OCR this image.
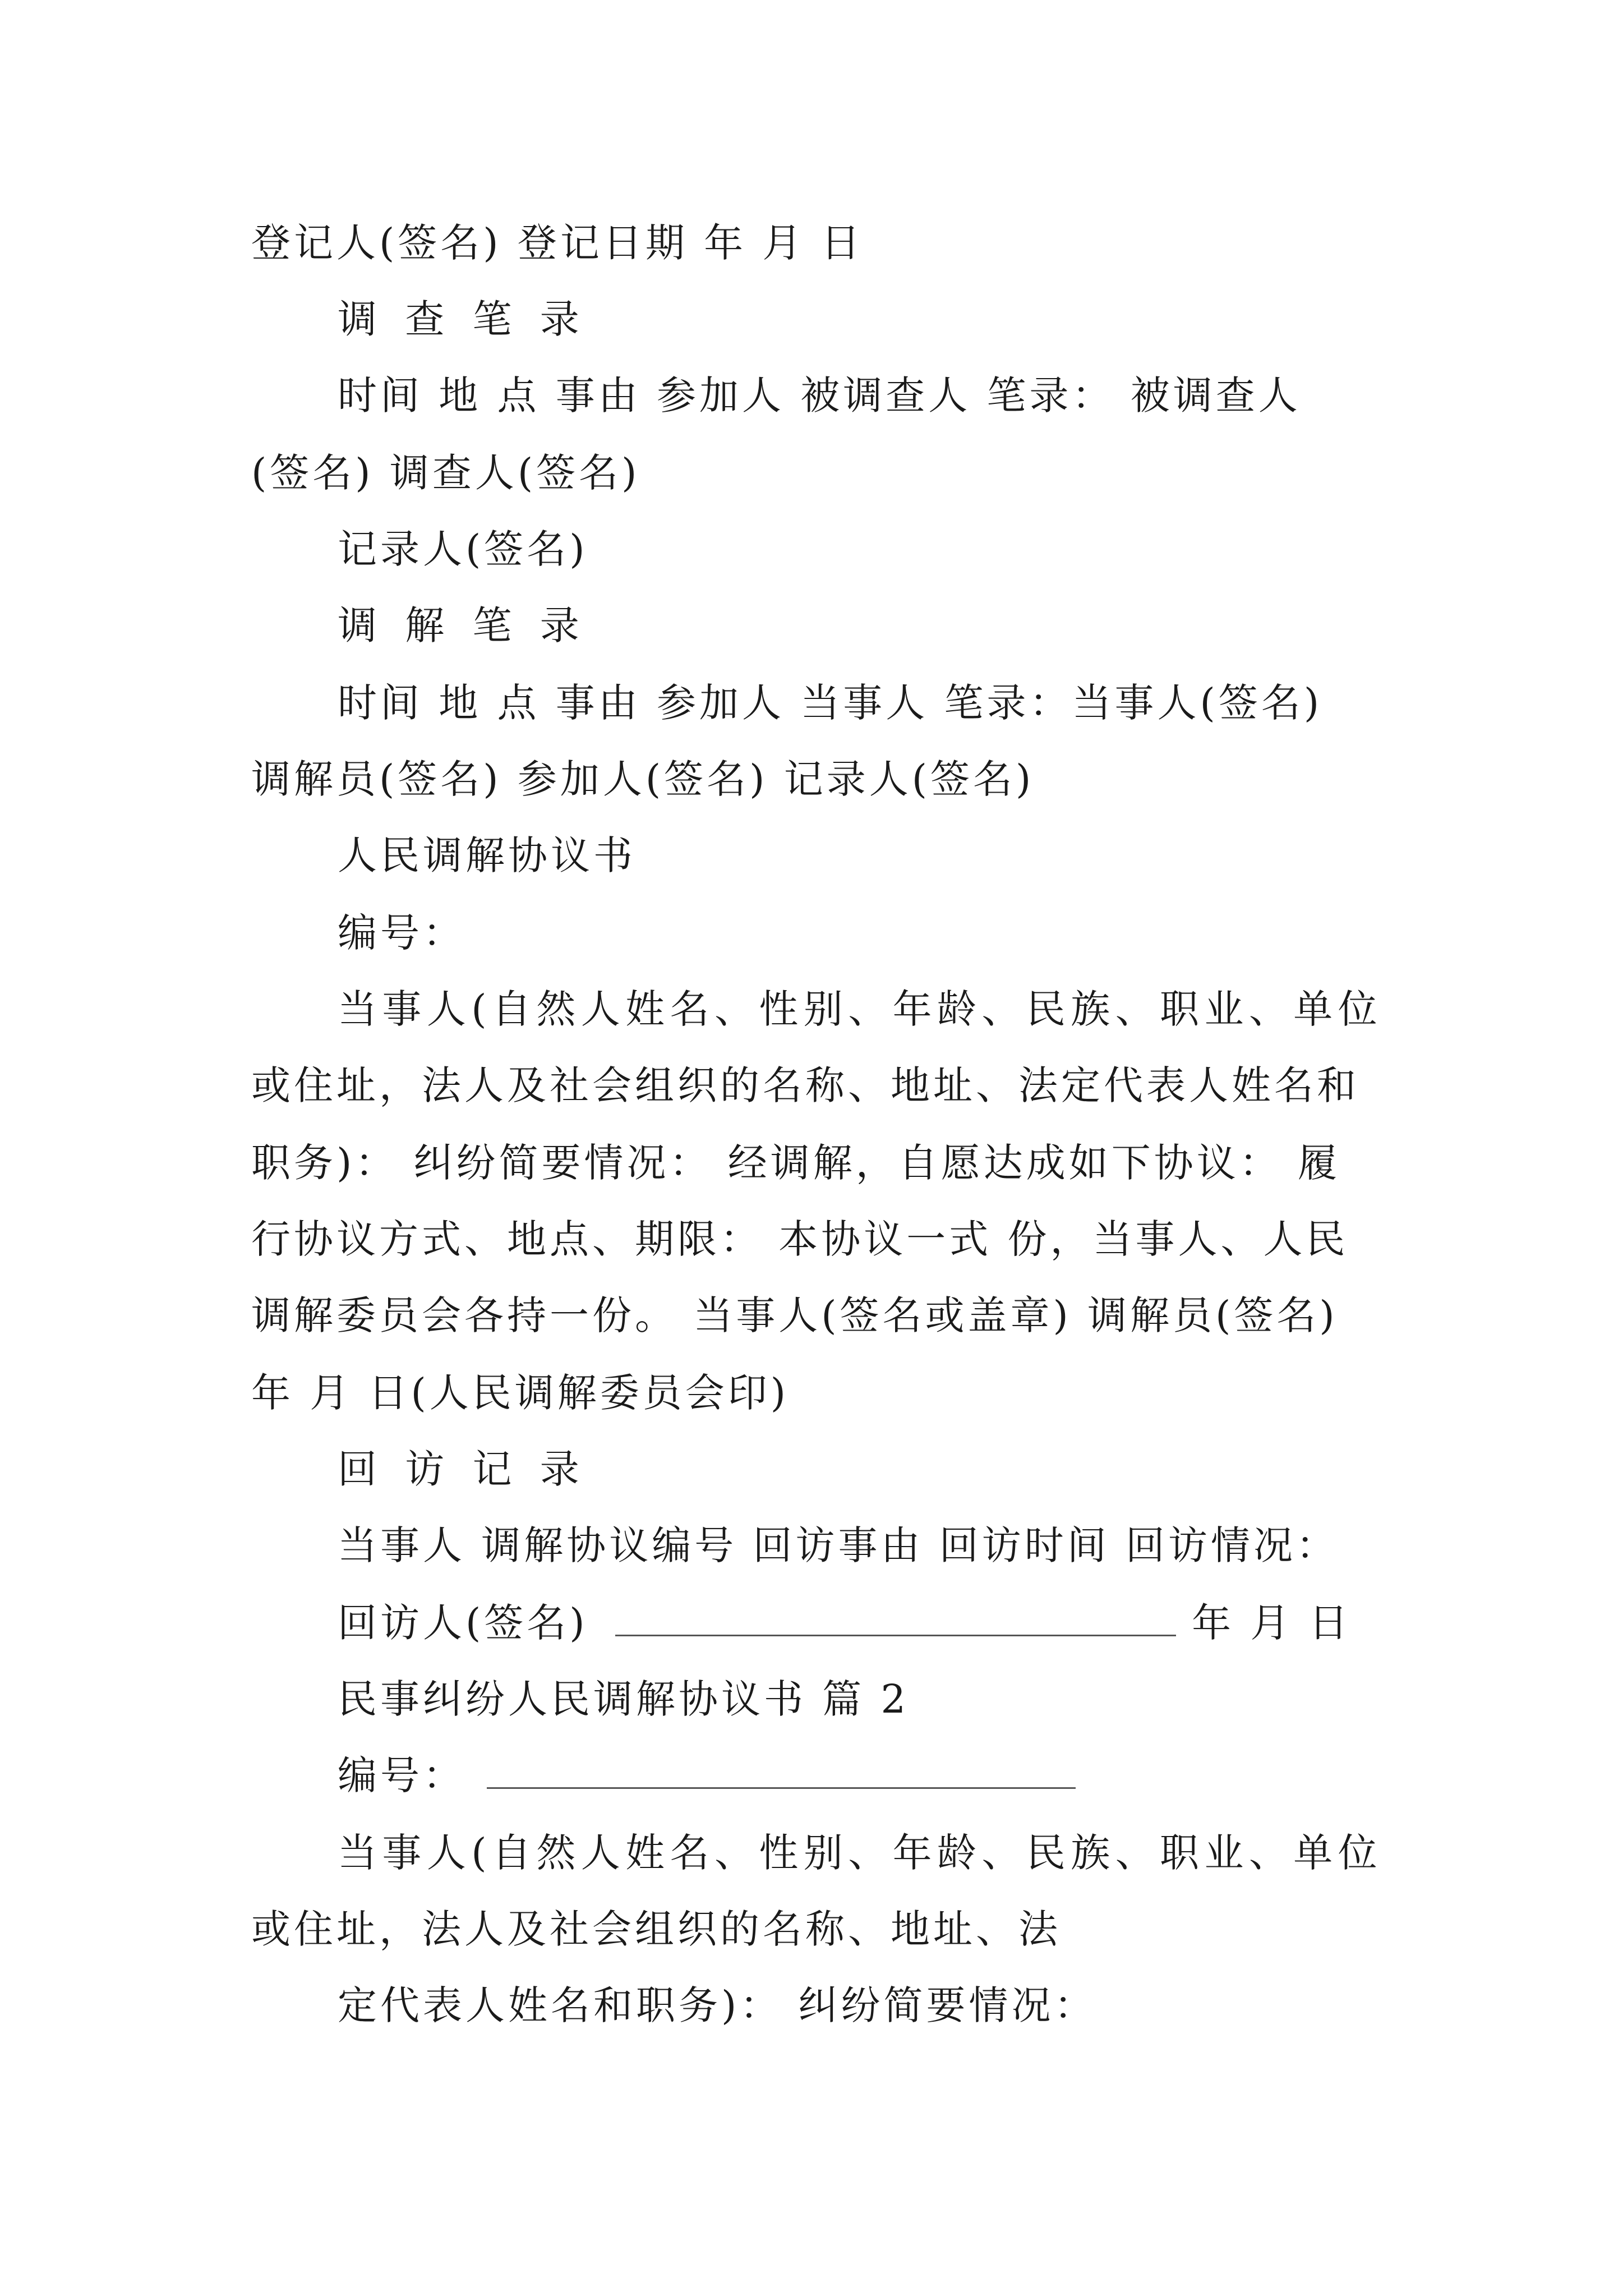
登记人(签名) 登记日期 年 月 日
调 查 笔 录
时间 地 点 事由 参加人 被调查人 笔录： 被调查人
(签名) 调查人(签名)
记录人(签名)
调 解 笔 录
时间 地 点 事由 参加人 当事人 笔录：当事人(签名)
调解员(签名) 参加人(签名) 记录人(签名)
人民调解协议书
编号：
当 事 人 ( 自 然 人 姓 名 、 性 别 、 年 龄 、 民 族 、 职 业 、 单 位
或住址，法人及社会组织的名称、地址、法定代表人姓名和
职务)： 纠纷简要情况： 经调解，自愿达成如下协议： 履
行协议方式、地点、期限： 本协议一式 份，当事人、人民
调解委员会各持一份。 当事人(签名或盖章) 调解员(签名)
年 月 日(人民调解委员会印)
回 访 记 录
当事人 调解协议编号 回访事由 回访时间 回访情况：
回访人(签名)	年 月 日
民事纠纷人民调解协议书 篇 2
编号：
当 事 人 ( 自 然 人 姓 名 、 性 别 、 年 龄 、 民 族 、 职 业 、 单 位
或住址，法人及社会组织的名称、地址、法
定代表人姓名和职务)： 纠纷简要情况：
